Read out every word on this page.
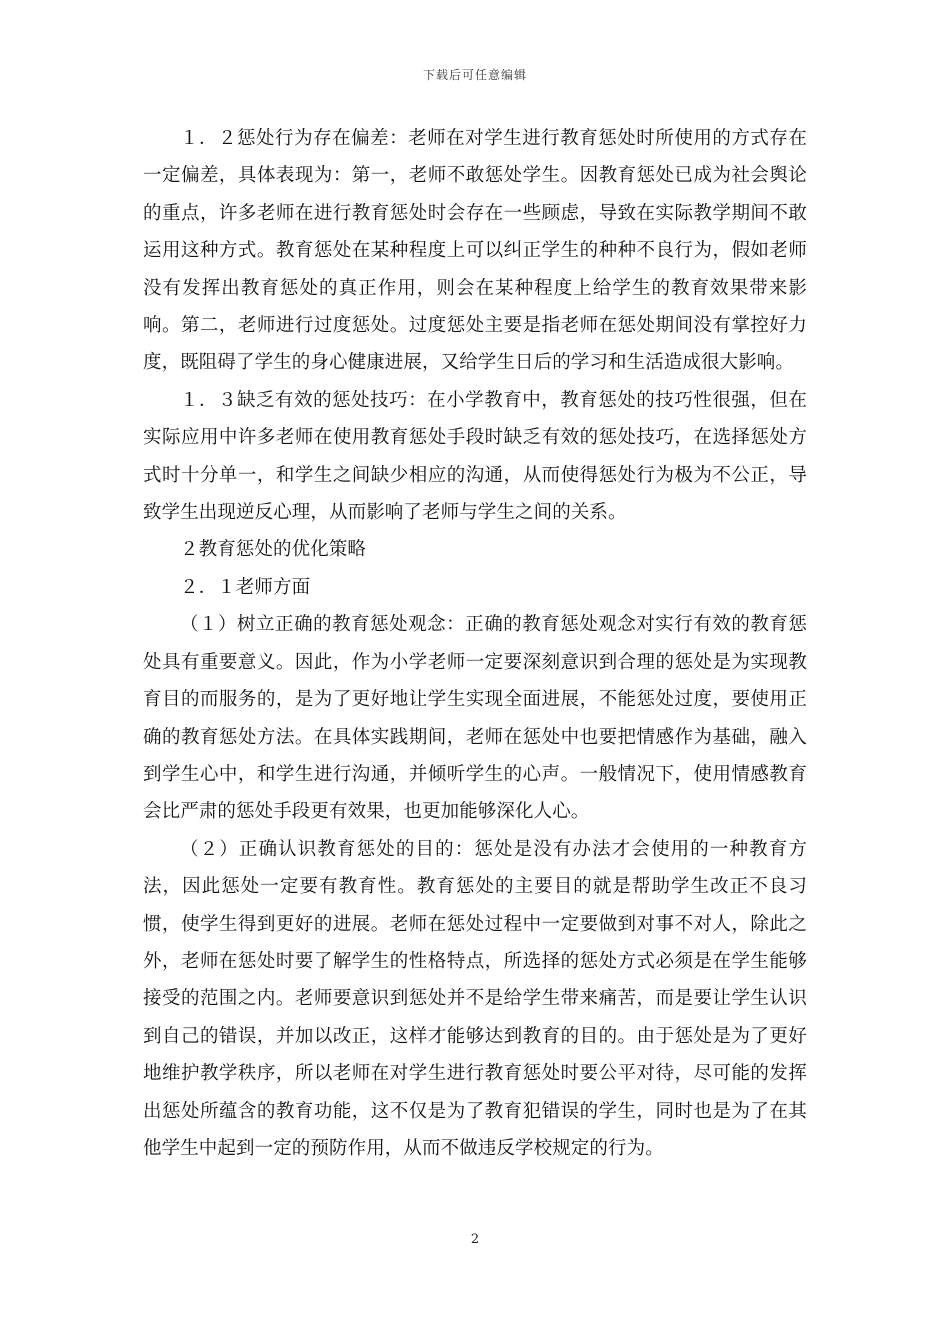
下载后可任意编辑

１．２惩处行为存在偏差：老师在对学生进行教育惩处时所使用的方式存在一定偏差，具体表现为：第一，老师不敢惩处学生。因教育惩处已成为社会舆论的重点，许多老师在进行教育惩处时会存在一些顾虑，导致在实际教学期间不敢运用这种方式。教育惩处在某种程度上可以纠正学生的种种不良行为，假如老师没有发挥出教育惩处的真正作用，则会在某种程度上给学生的教育效果带来影响。第二，老师进行过度惩处。过度惩处主要是指老师在惩处期间没有掌控好力度，既阻碍了学生的身心健康进展，又给学生日后的学习和生活造成很大影响。

１．３缺乏有效的惩处技巧：在小学教育中，教育惩处的技巧性很强，但在实际应用中许多老师在使用教育惩处手段时缺乏有效的惩处技巧，在选择惩处方式时十分单一，和学生之间缺少相应的沟通，从而使得惩处行为极为不公正，导致学生出现逆反心理，从而影响了老师与学生之间的关系。

２教育惩处的优化策略

２．１老师方面

（１）树立正确的教育惩处观念：正确的教育惩处观念对实行有效的教育惩处具有重要意义。因此，作为小学老师一定要深刻意识到合理的惩处是为实现教育目的而服务的，是为了更好地让学生实现全面进展，不能惩处过度，要使用正确的教育惩处方法。在具体实践期间，老师在惩处中也要把情感作为基础，融入到学生心中，和学生进行沟通，并倾听学生的心声。一般情况下，使用情感教育会比严肃的惩处手段更有效果，也更加能够深化人心。

（２）正确认识教育惩处的目的：惩处是没有办法才会使用的一种教育方法，因此惩处一定要有教育性。教育惩处的主要目的就是帮助学生改正不良习惯，使学生得到更好的进展。老师在惩处过程中一定要做到对事不对人，除此之外，老师在惩处时要了解学生的性格特点，所选择的惩处方式必须是在学生能够接受的范围之内。老师要意识到惩处并不是给学生带来痛苦，而是要让学生认识到自己的错误，并加以改正，这样才能够达到教育的目的。由于惩处是为了更好地维护教学秩序，所以老师在对学生进行教育惩处时要公平对待，尽可能的发挥出惩处所蕴含的教育功能，这不仅是为了教育犯错误的学生，同时也是为了在其他学生中起到一定的预防作用，从而不做违反学校规定的行为。

2
